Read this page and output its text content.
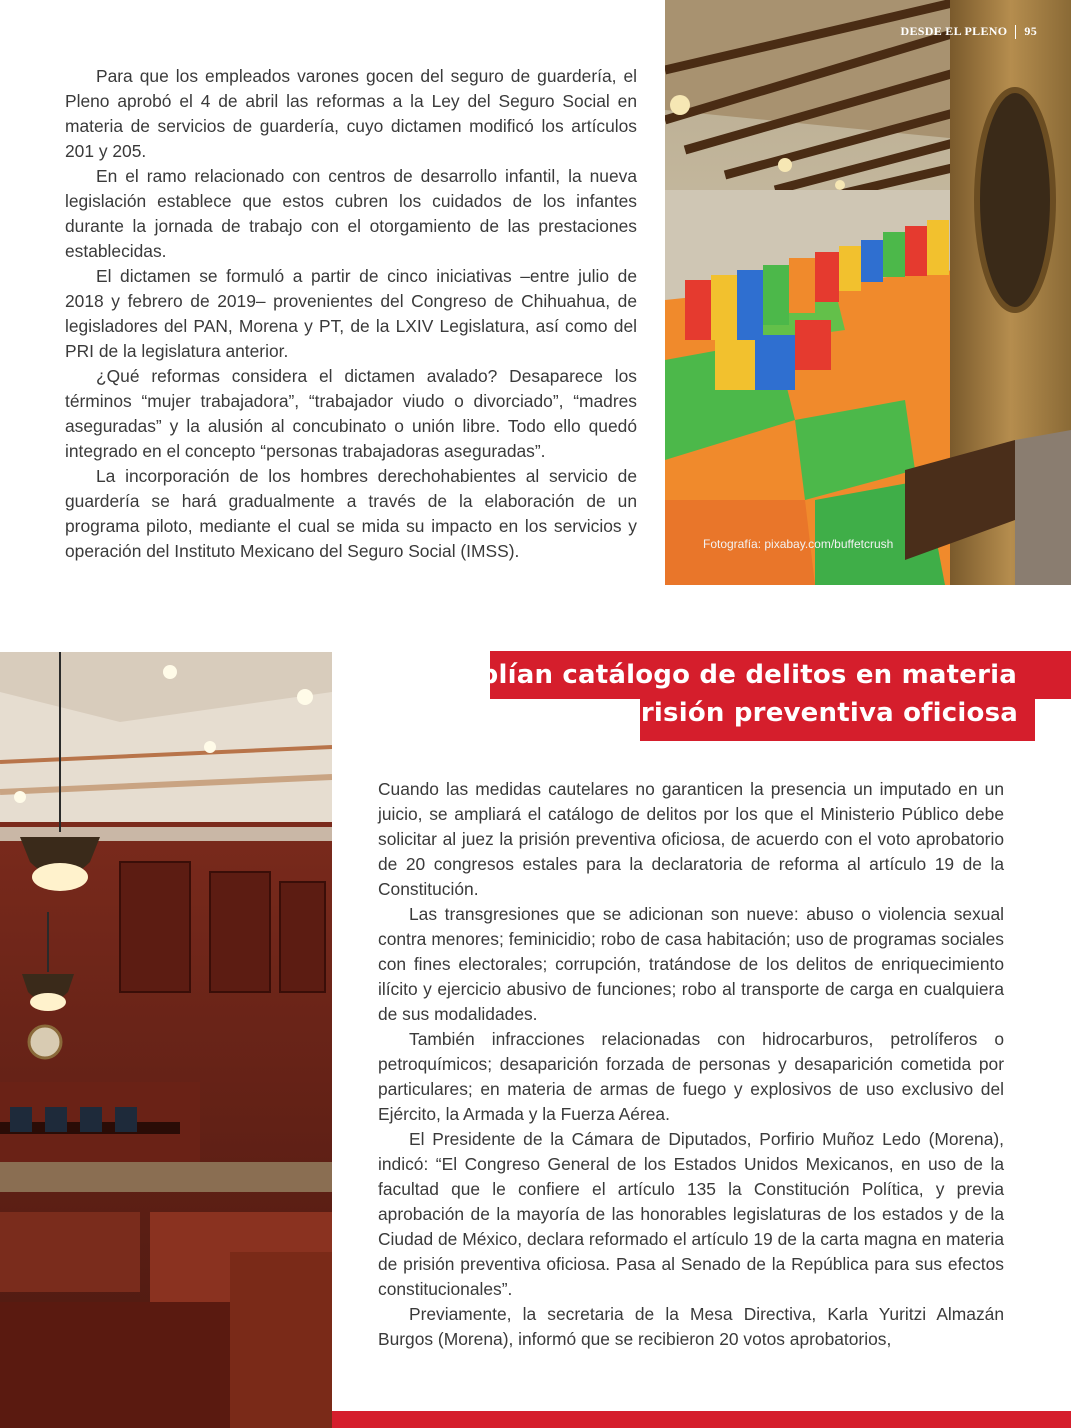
Para que los empleados varones gocen del seguro de guardería, el Pleno aprobó el 4 de abril las reformas a la Ley del Seguro Social en materia de servicios de guardería, cuyo dictamen modificó los artículos 201 y 205.

En el ramo relacionado con centros de desarrollo infantil, la nueva legislación establece que estos cubren los cuidados de los infantes durante la jornada de trabajo con el otorgamiento de las prestaciones establecidas.

El dictamen se formuló a partir de cinco iniciativas –entre julio de 2018 y febrero de 2019– provenientes del Congreso de Chihuahua, de legisladores del PAN, Morena y PT, de la LXIV Legislatura, así como del PRI de la legislatura anterior.

¿Qué reformas considera el dictamen avalado? Desaparece los términos “mujer trabajadora”, “trabajador viudo o divorciado”, “madres aseguradas” y la alusión al concubinato o unión libre. Todo ello quedó integrado en el concepto “personas trabajadoras aseguradas”.

La incorporación de los hombres derechohabientes al servicio de guardería se hará gradualmente a través de la elaboración de un programa piloto, mediante el cual se mida su impacto en los servicios y operación del Instituto Mexicano del Seguro Social (IMSS).

DESDE EL PLENO 95
Fotografía: pixabay.com/buffetcrush
Amplían catálogo de delitos en materia
de prisión preventiva oficiosa

Cuando las medidas cautelares no garanticen la presencia un imputado en un juicio, se ampliará el catálogo de delitos por los que el Ministerio Público debe solicitar al juez la prisión preventiva oficiosa, de acuerdo con el voto aprobatorio de 20 congresos estales para la declaratoria de reforma al artículo 19 de la Constitución.

Las transgresiones que se adicionan son nueve: abuso o violencia sexual contra menores; feminicidio; robo de casa habitación; uso de programas sociales con fines electorales; corrupción, tratándose de los delitos de enriquecimiento ilícito y ejercicio abusivo de funciones; robo al transporte de carga en cualquiera de sus modalidades.

También infracciones relacionadas con hidrocarburos, petrolíferos o petroquímicos; desaparición forzada de personas y desaparición cometida por particulares; en materia de armas de fuego y explosivos de uso exclusivo del Ejército, la Armada y la Fuerza Aérea.

El Presidente de la Cámara de Diputados, Porfirio Muñoz Ledo (Morena), indicó: “El Congreso General de los Estados Unidos Mexicanos, en uso de la facultad que le confiere el artículo 135 la Constitución Política, y previa aprobación de la mayoría de las honorables legislaturas de los estados y de la Ciudad de México, declara reformado el artículo 19 de la carta magna en materia de prisión preventiva oficiosa. Pasa al Senado de la República para sus efectos constitucionales”.

Previamente, la secretaria de la Mesa Directiva, Karla Yuritzi Almazán Burgos (Morena), informó que se recibieron 20 votos aprobatorios,
